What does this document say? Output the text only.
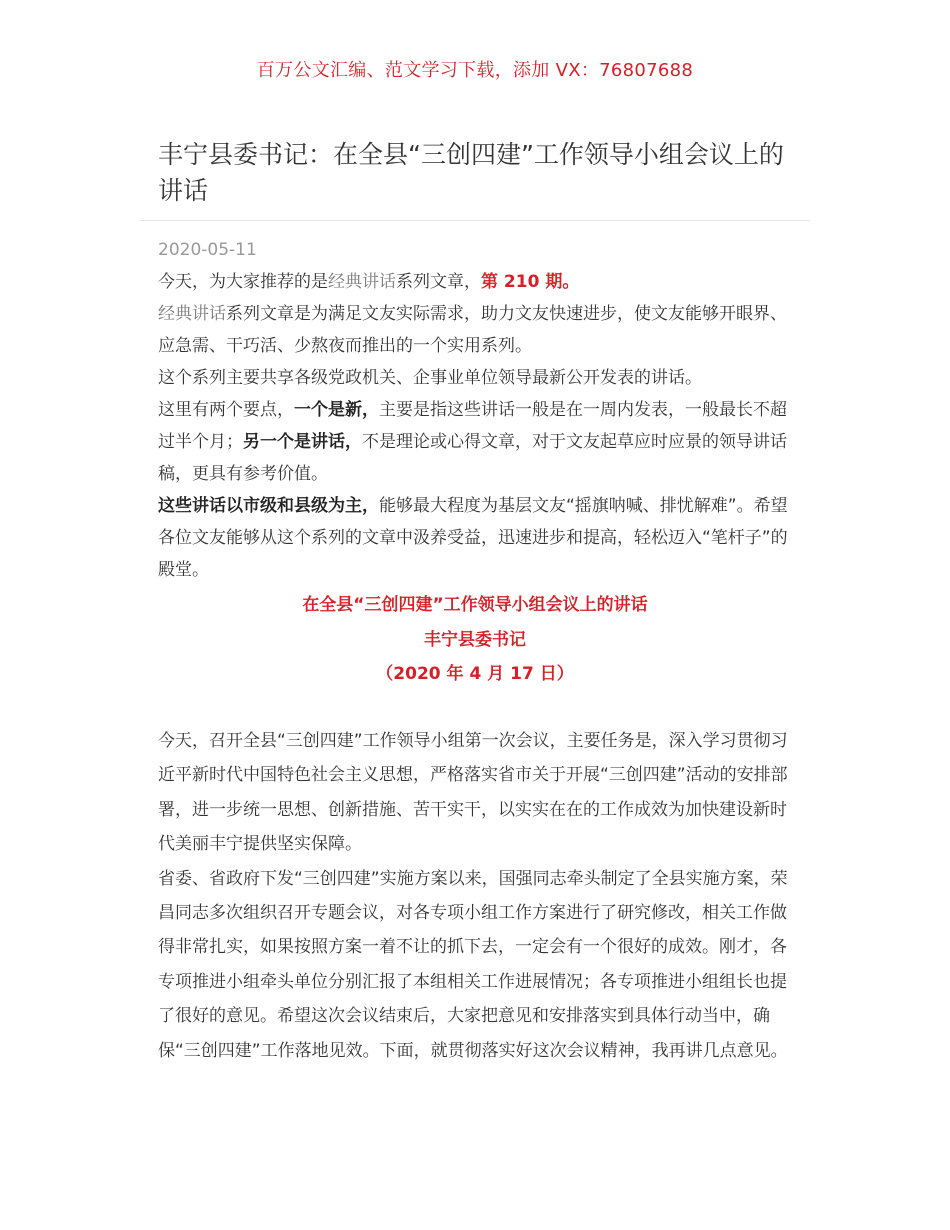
百万公文汇编、范文学习下载，添加 VX：76807688
丰宁县委书记：在全县“三创四建”工作领导小组会议上的讲话
2020-05-11

今天，为大家推荐的是经典讲话系列文章，第 210 期。

经典讲话系列文章是为满足文友实际需求，助力文友快速进步，使文友能够开眼界、应急需、干巧活、少熬夜而推出的一个实用系列。

这个系列主要共享各级党政机关、企事业单位领导最新公开发表的讲话。

这里有两个要点，一个是新，主要是指这些讲话一般是在一周内发表，一般最长不超过半个月；另一个是讲话，不是理论或心得文章，对于文友起草应时应景的领导讲话稿，更具有参考价值。

这些讲话以市级和县级为主，能够最大程度为基层文友“摇旗呐喊、排忧解难”。希望各位文友能够从这个系列的文章中汲养受益，迅速进步和提高，轻松迈入“笔杆子”的殿堂。

在全县“三创四建”工作领导小组会议上的讲话
丰宁县委书记
（2020 年 4 月 17 日）

今天，召开全县“三创四建”工作领导小组第一次会议，主要任务是，深入学习贯彻习近平新时代中国特色社会主义思想，严格落实省市关于开展“三创四建”活动的安排部署，进一步统一思想、创新措施、苦干实干，以实实在在的工作成效为加快建设新时代美丽丰宁提供坚实保障。

省委、省政府下发“三创四建”实施方案以来，国强同志牵头制定了全县实施方案，荣昌同志多次组织召开专题会议，对各专项小组工作方案进行了研究修改，相关工作做得非常扎实，如果按照方案一着不让的抓下去，一定会有一个很好的成效。刚才，各专项推进小组牵头单位分别汇报了本组相关工作进展情况；各专项推进小组组长也提了很好的意见。希望这次会议结束后，大家把意见和安排落实到具体行动当中，确保“三创四建”工作落地见效。下面，就贯彻落实好这次会议精神，我再讲几点意见。
